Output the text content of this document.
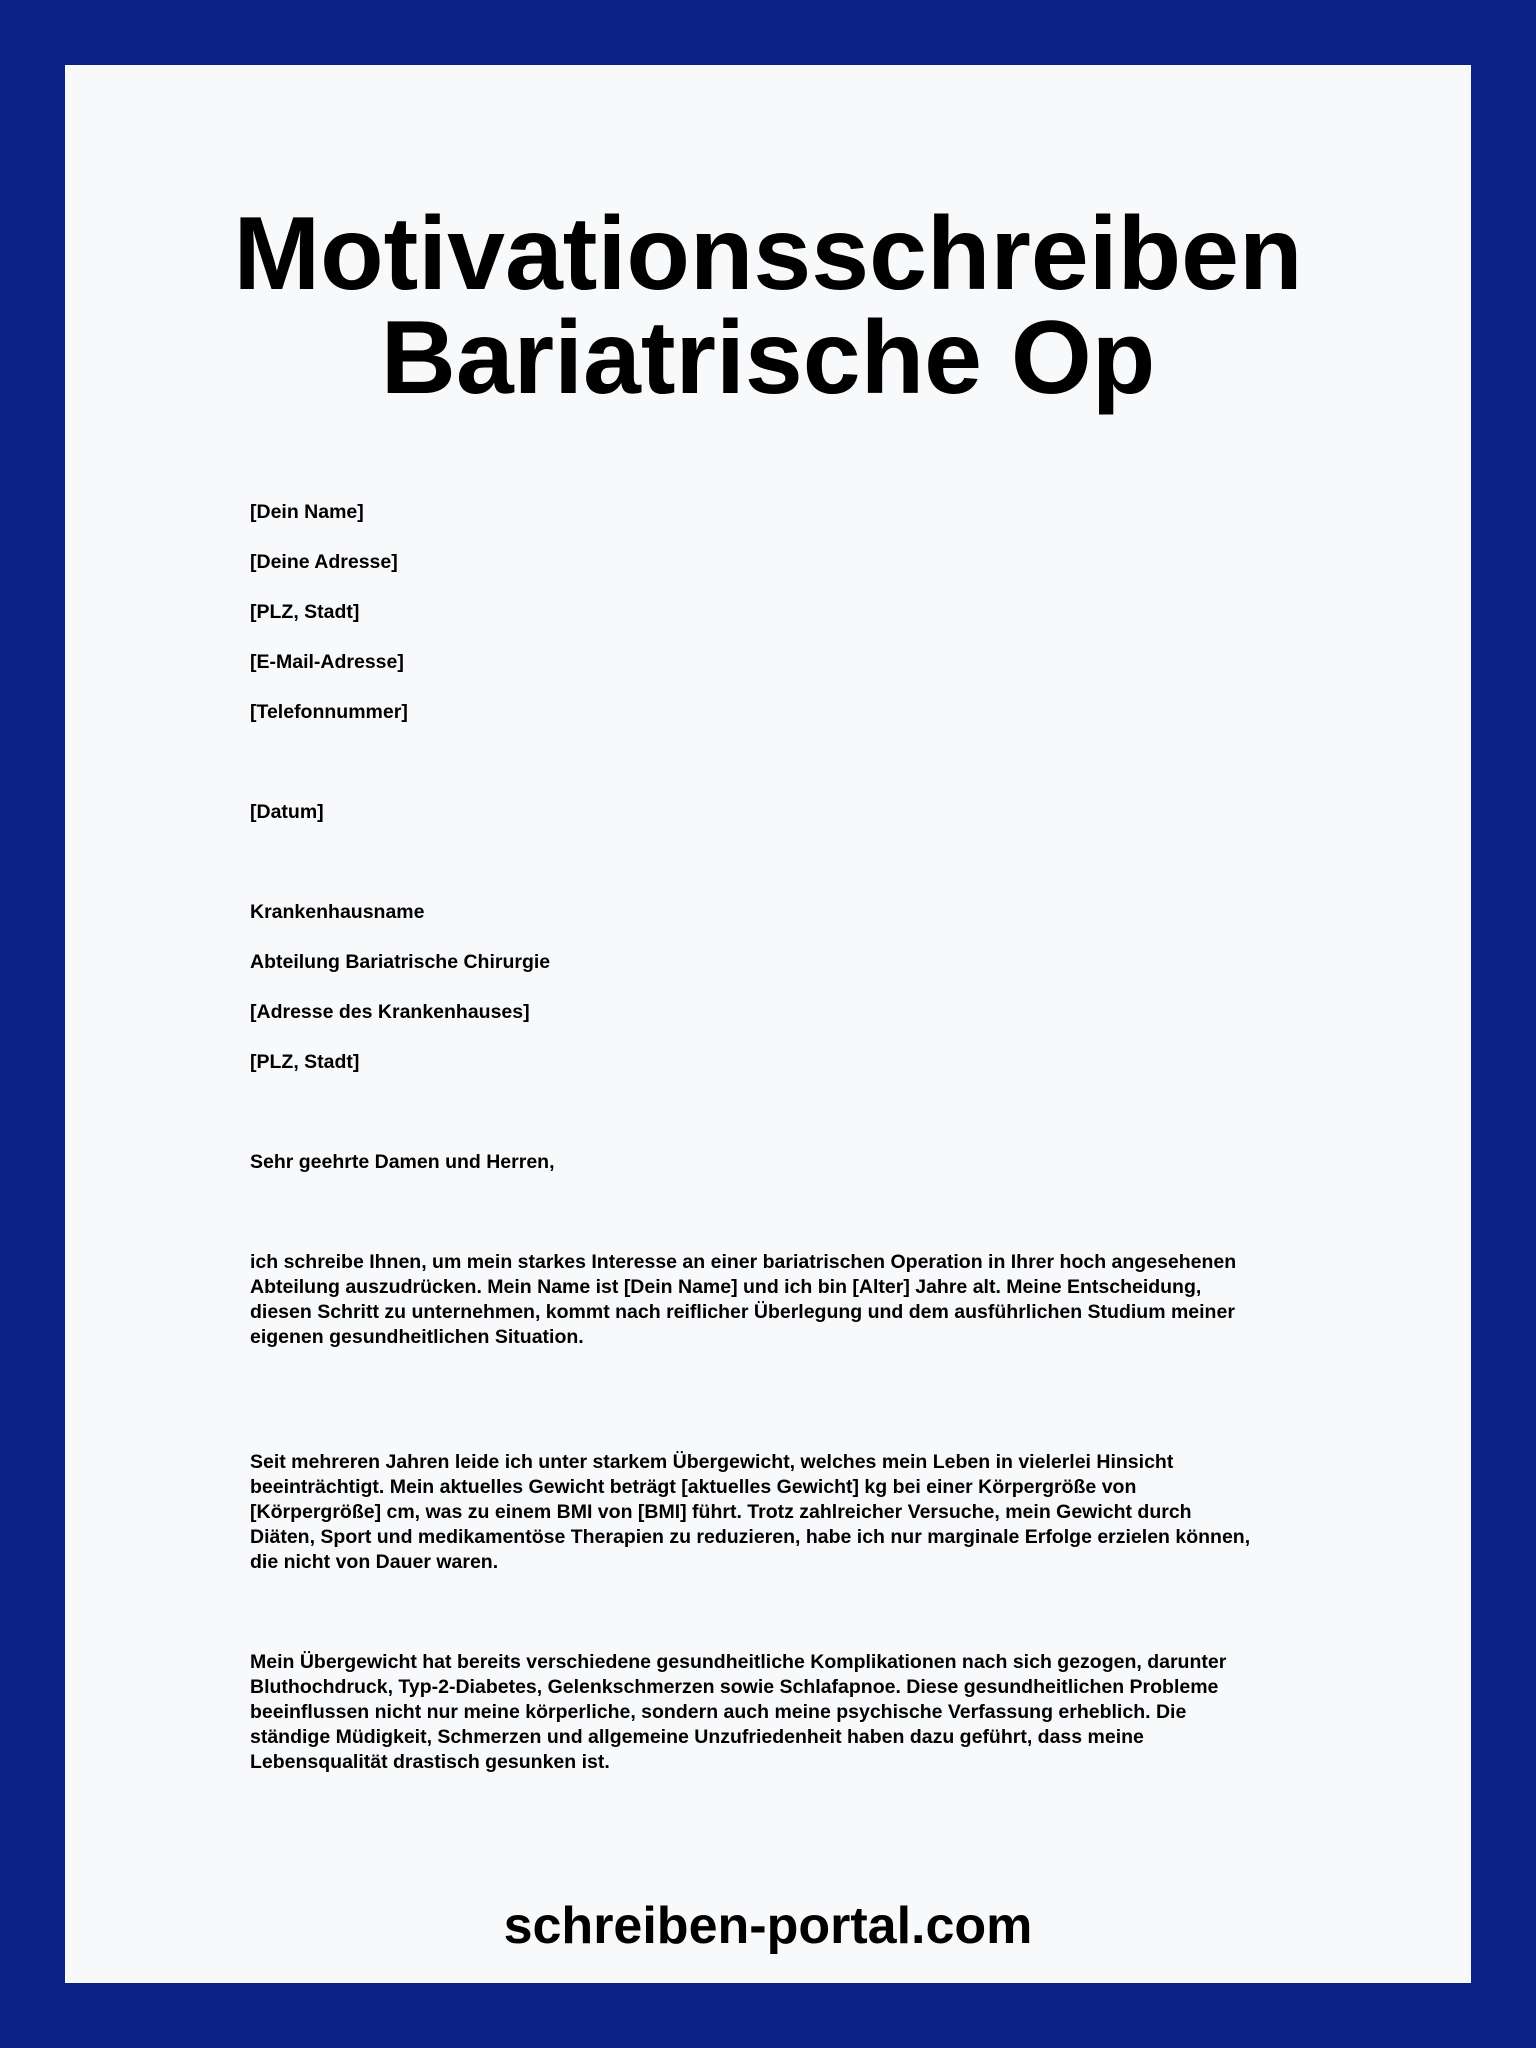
Motivationsschreiben
Bariatrische Op
[Dein Name]
[Deine Adresse]
[PLZ, Stadt]
[E-Mail-Adresse]
[Telefonnummer]
[Datum]
Krankenhausname
Abteilung Bariatrische Chirurgie
[Adresse des Krankenhauses]
[PLZ, Stadt]
Sehr geehrte Damen und Herren,
ich schreibe Ihnen, um mein starkes Interesse an einer bariatrischen Operation in Ihrer hoch angesehenen
Abteilung auszudrücken. Mein Name ist [Dein Name] und ich bin [Alter] Jahre alt. Meine Entscheidung,
diesen Schritt zu unternehmen, kommt nach reiflicher Überlegung und dem ausführlichen Studium meiner
eigenen gesundheitlichen Situation.
Seit mehreren Jahren leide ich unter starkem Übergewicht, welches mein Leben in vielerlei Hinsicht
beeinträchtigt. Mein aktuelles Gewicht beträgt [aktuelles Gewicht] kg bei einer Körpergröße von
[Körpergröße] cm, was zu einem BMI von [BMI] führt. Trotz zahlreicher Versuche, mein Gewicht durch
Diäten, Sport und medikamentöse Therapien zu reduzieren, habe ich nur marginale Erfolge erzielen können,
die nicht von Dauer waren.
Mein Übergewicht hat bereits verschiedene gesundheitliche Komplikationen nach sich gezogen, darunter
Bluthochdruck, Typ-2-Diabetes, Gelenkschmerzen sowie Schlafapnoe. Diese gesundheitlichen Probleme
beeinflussen nicht nur meine körperliche, sondern auch meine psychische Verfassung erheblich. Die
ständige Müdigkeit, Schmerzen und allgemeine Unzufriedenheit haben dazu geführt, dass meine
Lebensqualität drastisch gesunken ist.
schreiben-portal.com
